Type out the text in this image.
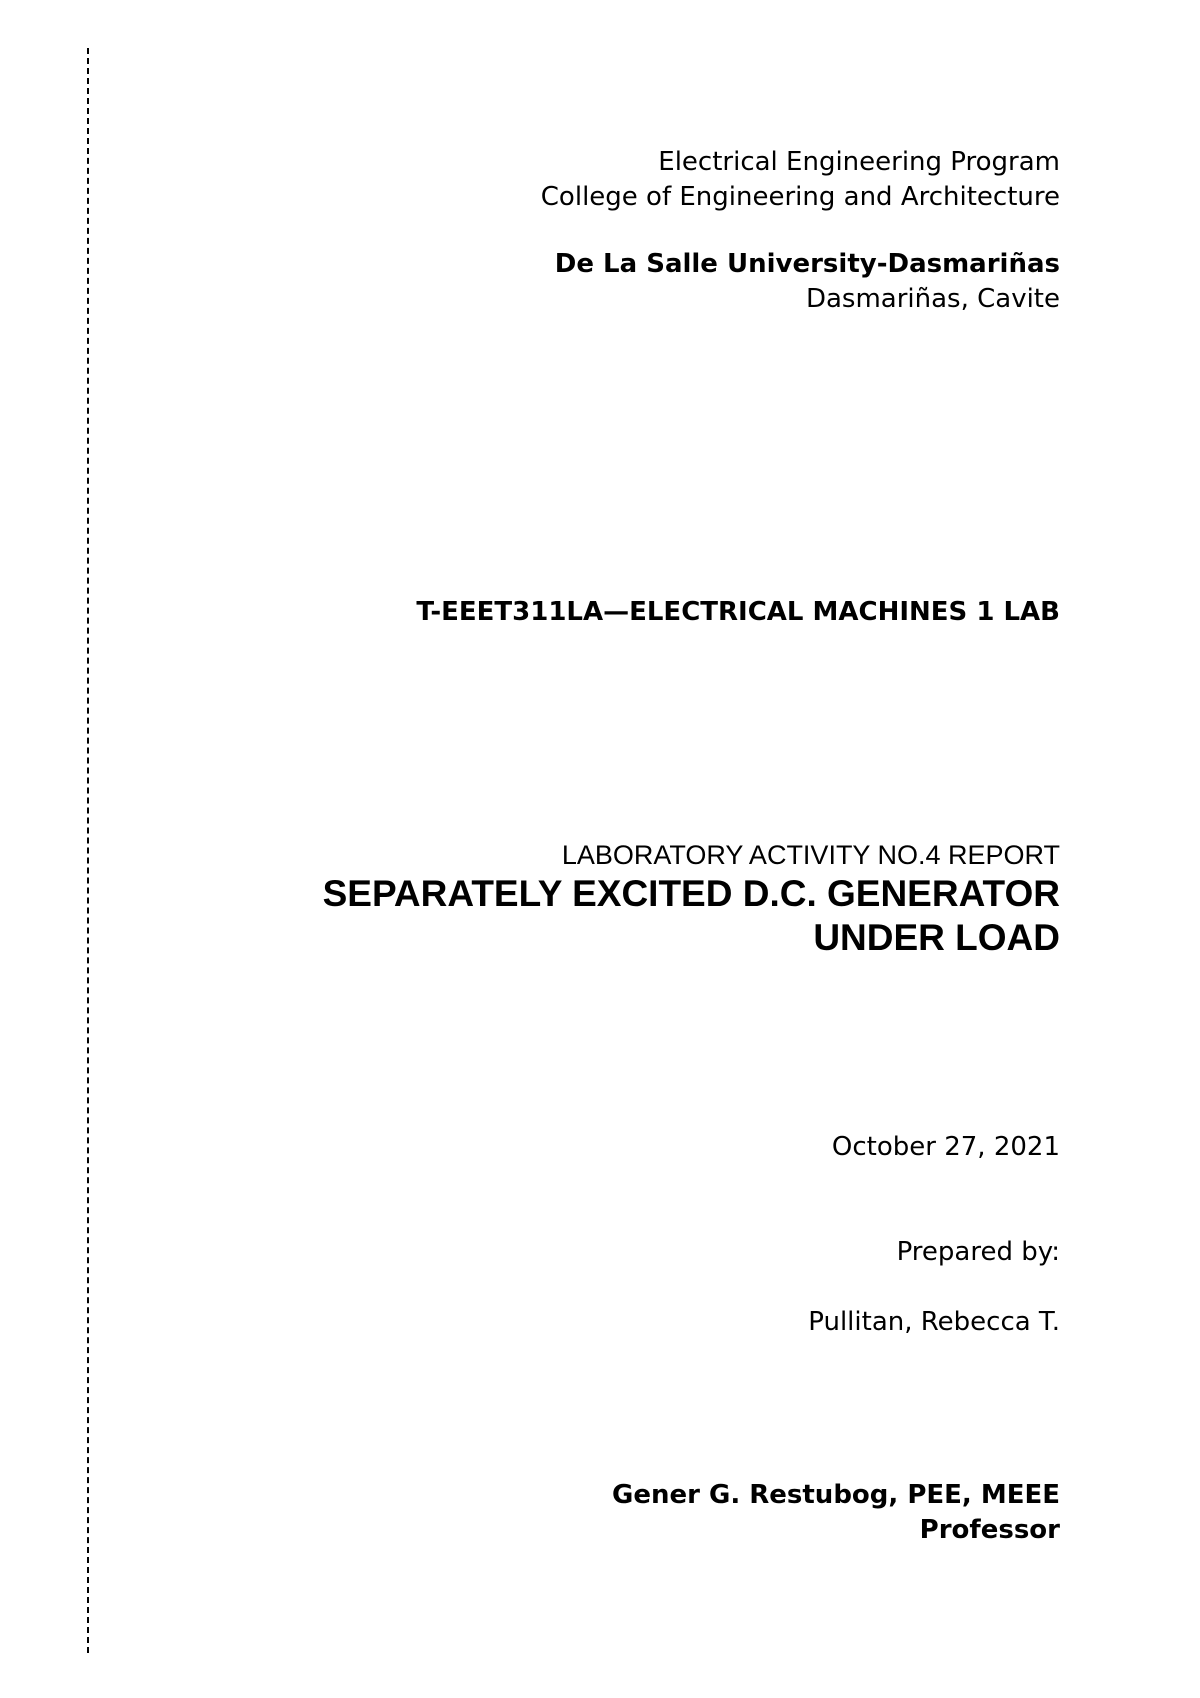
Electrical Engineering Program
College of Engineering and Architecture
De La Salle University-Dasmariñas
Dasmariñas, Cavite
T-EEET311LA—ELECTRICAL MACHINES 1 LAB
LABORATORY ACTIVITY NO.4 REPORT
SEPARATELY EXCITED D.C. GENERATOR
UNDER LOAD
October 27, 2021
Prepared by:
Pullitan, Rebecca T.
Gener G. Restubog, PEE, MEEE
Professor
